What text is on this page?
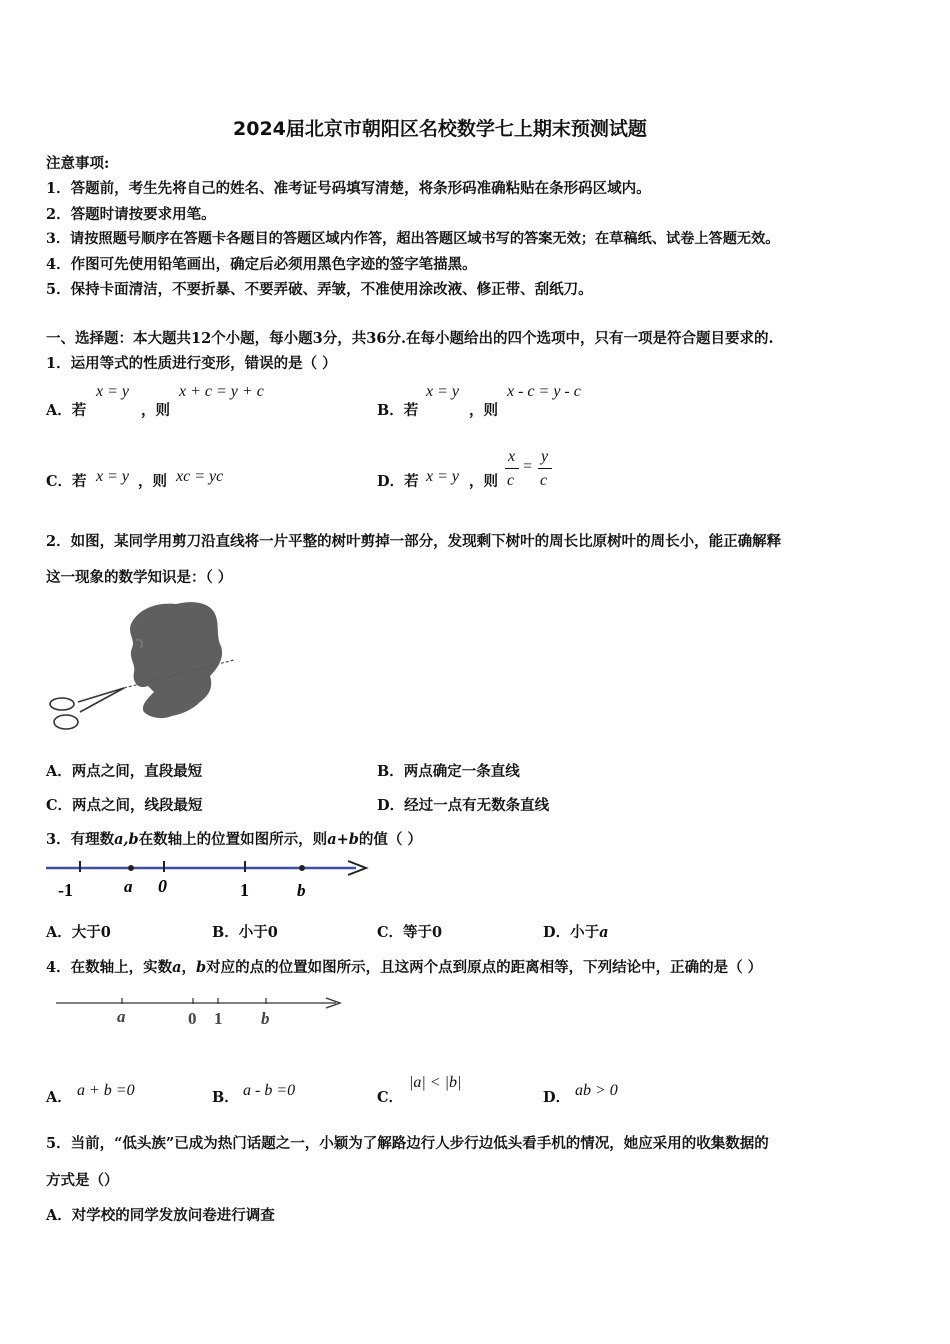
2024届北京市朝阳区名校数学七上期末预测试题
注意事项:
1．答题前，考生先将自己的姓名、准考证号码填写清楚，将条形码准确粘贴在条形码区域内。
2．答题时请按要求用笔。
3．请按照题号顺序在答题卡各题目的答题区域内作答，超出答题区域书写的答案无效；在草稿纸、试卷上答题无效。
4．作图可先使用铅笔画出，确定后必须用黑色字迹的签字笔描黑。
5．保持卡面清洁，不要折暴、不要弄破、弄皱，不准使用涂改液、修正带、刮纸刀。
一、选择题：本大题共12个小题，每小题3分，共36分.在每小题给出的四个选项中，只有一项是符合题目要求的.
1．运用等式的性质进行变形，错误的是（ ）
A．若
x = y
，则
x + c = y + c
B．若
x = y
，则
x - c = y - c
C．若 x = y ，则 xc = yc	D．若 x = y ，则
x
c
=
y
c
2．如图，某同学用剪刀沿直线将一片平整的树叶剪掉一部分，发现剩下树叶的周长比原树叶的周长小，能正确解释
这一现象的数学知识是：（ ）
A．两点之间，直段最短	B．两点确定一条直线
C．两点之间，线段最短	D．经过一点有无数条直线
3．有理数a,b在数轴上的位置如图所示，则a+b的值（ ）
-1	a 0	1	b
A．大于0	B．小于0	C．等于0	D．小于a
4．在数轴上，实数a，b对应的点的位置如图所示，且这两个点到原点的距离相等，下列结论中，正确的是（ ）
a	0 1 b
A． a + b =0	B． a - b =0	C．
|a| < |b|
D． ab > 0
5．当前，“低头族”已成为热门话题之一，小颖为了解路边行人步行边低头看手机的情况，她应采用的收集数据的
方式是（）
A．对学校的同学发放问卷进行调查
